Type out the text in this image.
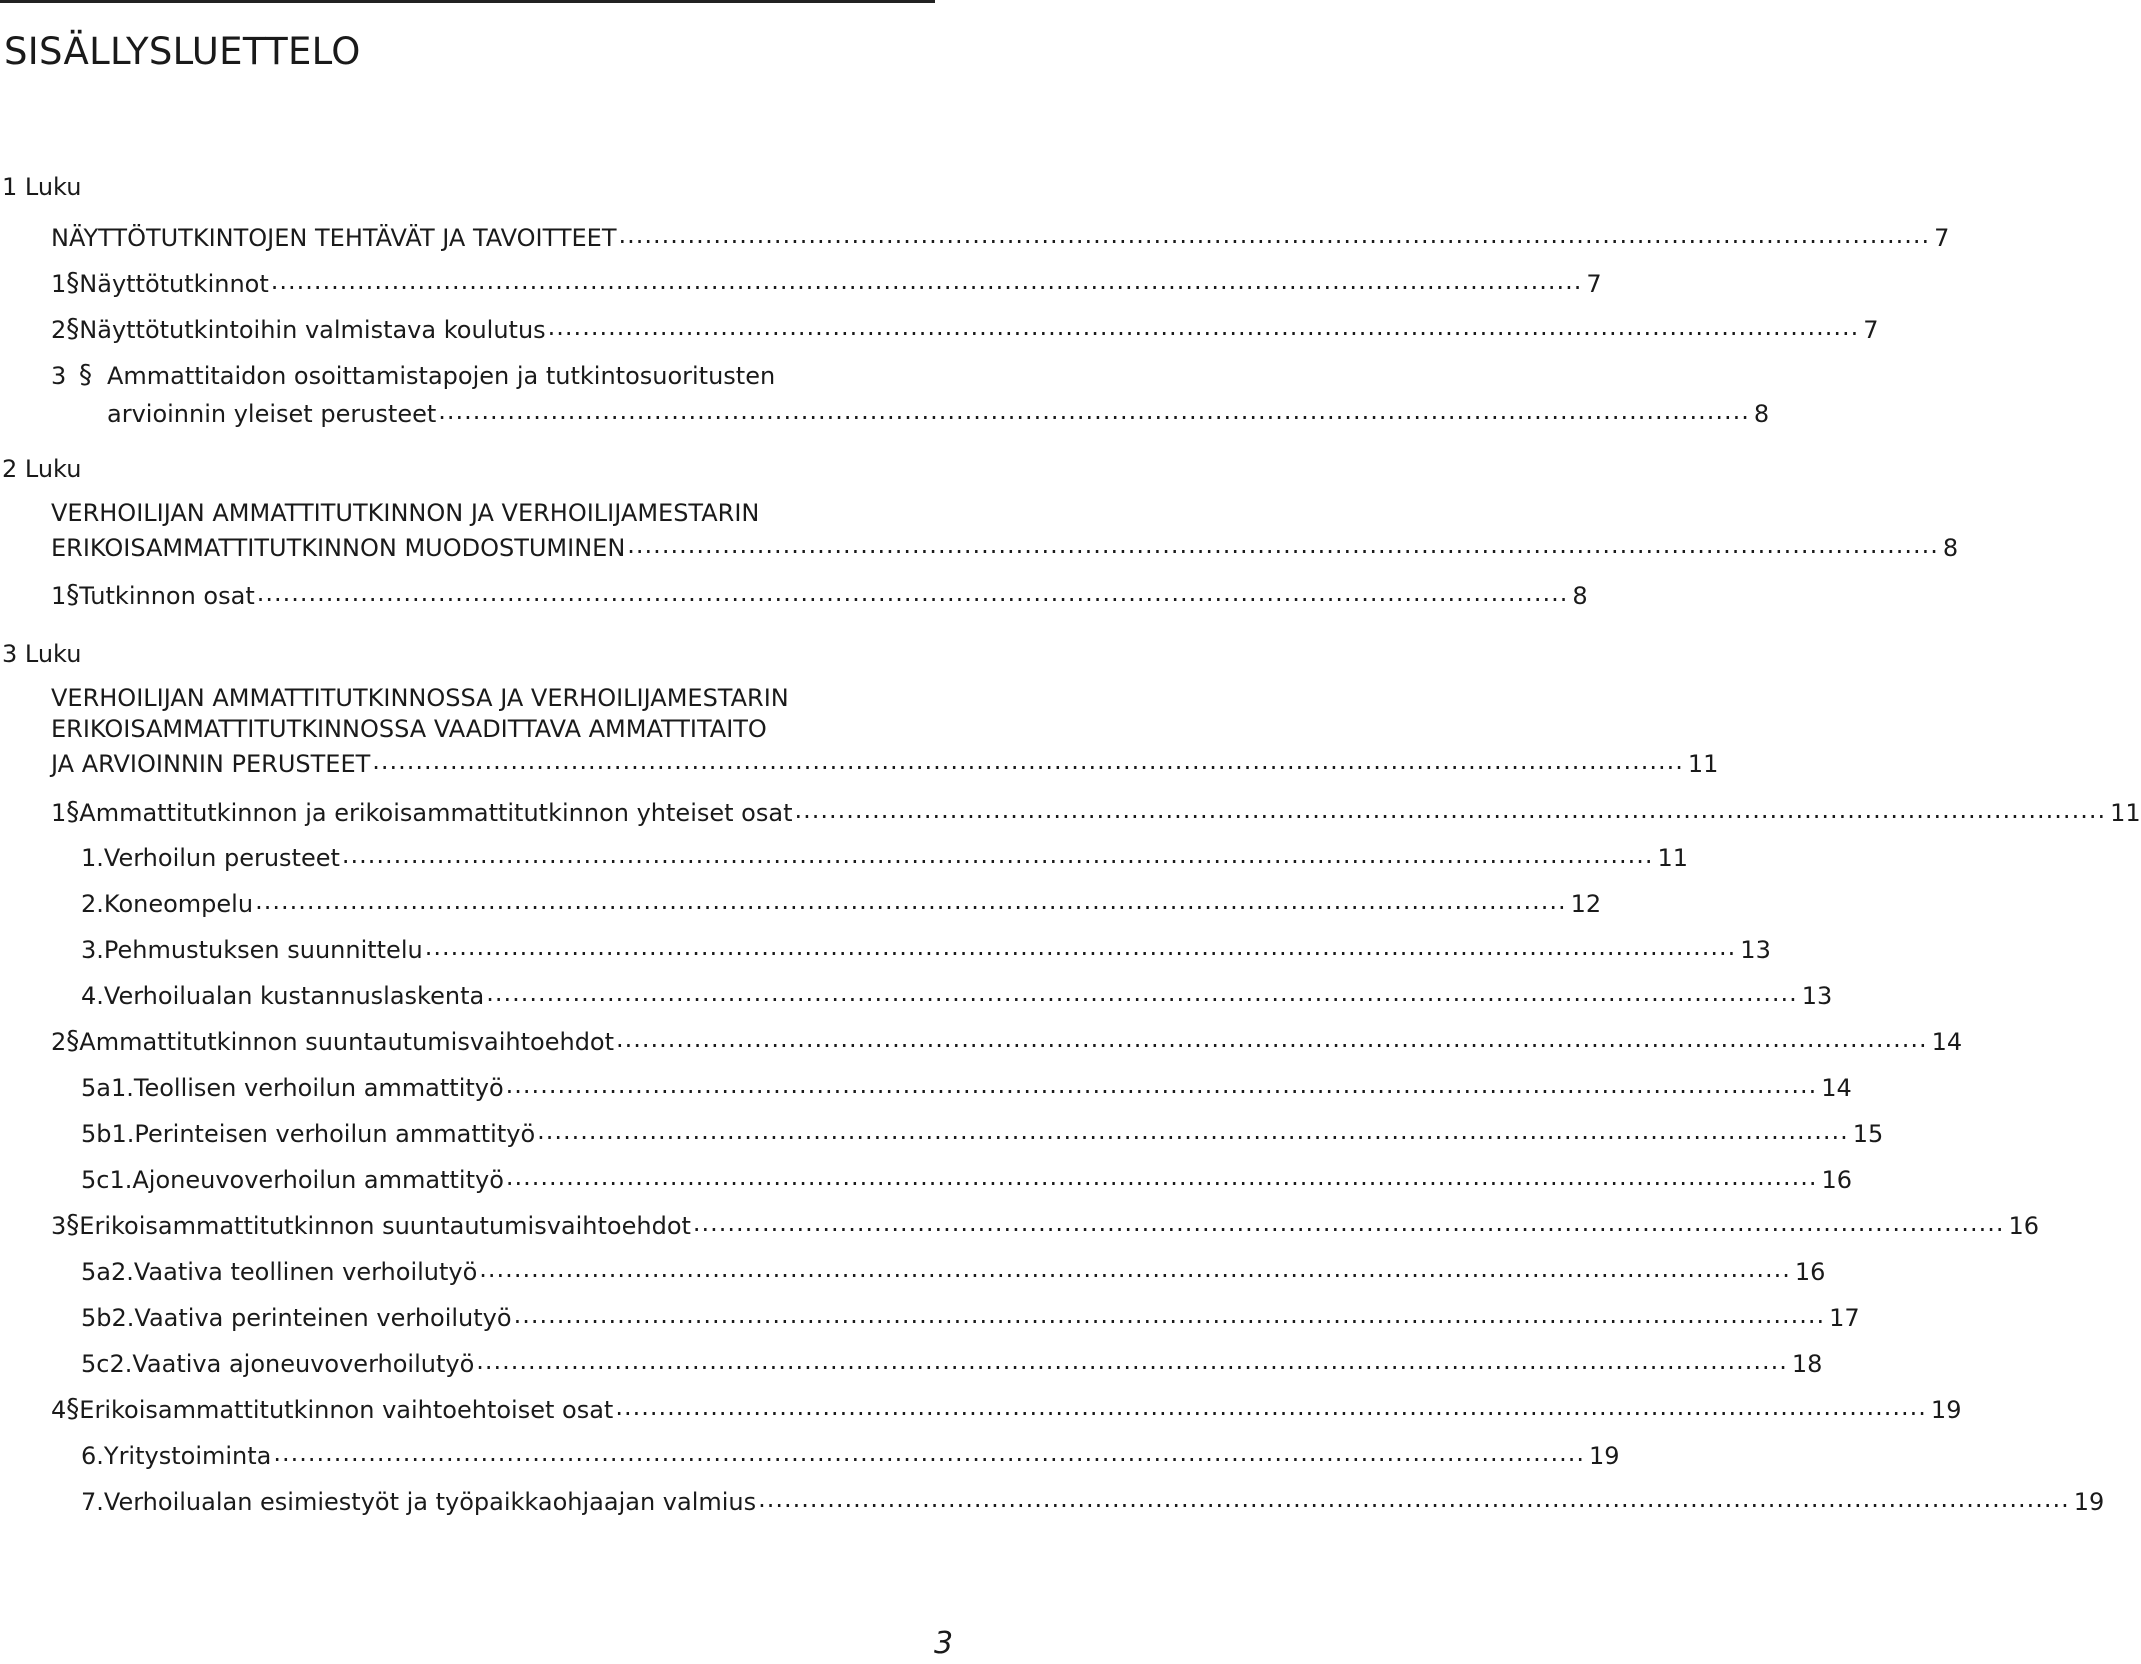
SISÄLLYSLUETTELO
1 Luku
NÄYTTÖTUTKINTOJEN TEHTÄVÄT JA TAVOITTEET ........................................................................................................................................................ 7
1 § Näyttötutkinnot ........................................................................................................................................................ 7
2 § Näyttötutkintoihin valmistava koulutus ........................................................................................................................................................ 7
3 § Ammattitaidon osoittamistapojen ja tutkintosuoritusten
arvioinnin yleiset perusteet ........................................................................................................................................................ 8
2 Luku
VERHOILIJAN AMMATTITUTKINNON JA VERHOILIJAMESTARIN
ERIKOISAMMATTITUTKINNON MUODOSTUMINEN ........................................................................................................................................................ 8
1 § Tutkinnon osat ........................................................................................................................................................ 8
3 Luku
VERHOILIJAN AMMATTITUTKINNOSSA JA VERHOILIJAMESTARIN
ERIKOISAMMATTITUTKINNOSSA VAADITTAVA AMMATTITAITO
JA ARVIOINNIN PERUSTEET ........................................................................................................................................................ 11
1 § Ammattitutkinnon ja erikoisammattitutkinnon yhteiset osat ........................................................................................................................................................ 11
1. Verhoilun perusteet ........................................................................................................................................................ 11
2. Koneompelu ........................................................................................................................................................ 12
3. Pehmustuksen suunnittelu ........................................................................................................................................................ 13
4. Verhoilualan kustannuslaskenta ........................................................................................................................................................ 13
2 § Ammattitutkinnon suuntautumisvaihtoehdot ........................................................................................................................................................ 14
5a1. Teollisen verhoilun ammattityö ........................................................................................................................................................ 14
5b1. Perinteisen verhoilun ammattityö ........................................................................................................................................................ 15
5c1. Ajoneuvoverhoilun ammattityö ........................................................................................................................................................ 16
3 § Erikoisammattitutkinnon suuntautumisvaihtoehdot ........................................................................................................................................................ 16
5a2. Vaativa teollinen verhoilutyö ........................................................................................................................................................ 16
5b2. Vaativa perinteinen verhoilutyö ........................................................................................................................................................ 17
5c2. Vaativa ajoneuvoverhoilutyö ........................................................................................................................................................ 18
4 § Erikoisammattitutkinnon vaihtoehtoiset osat ........................................................................................................................................................ 19
6. Yritystoiminta ........................................................................................................................................................ 19
7. Verhoilualan esimiestyöt ja työpaikkaohjaajan valmius ........................................................................................................................................................ 19
3
